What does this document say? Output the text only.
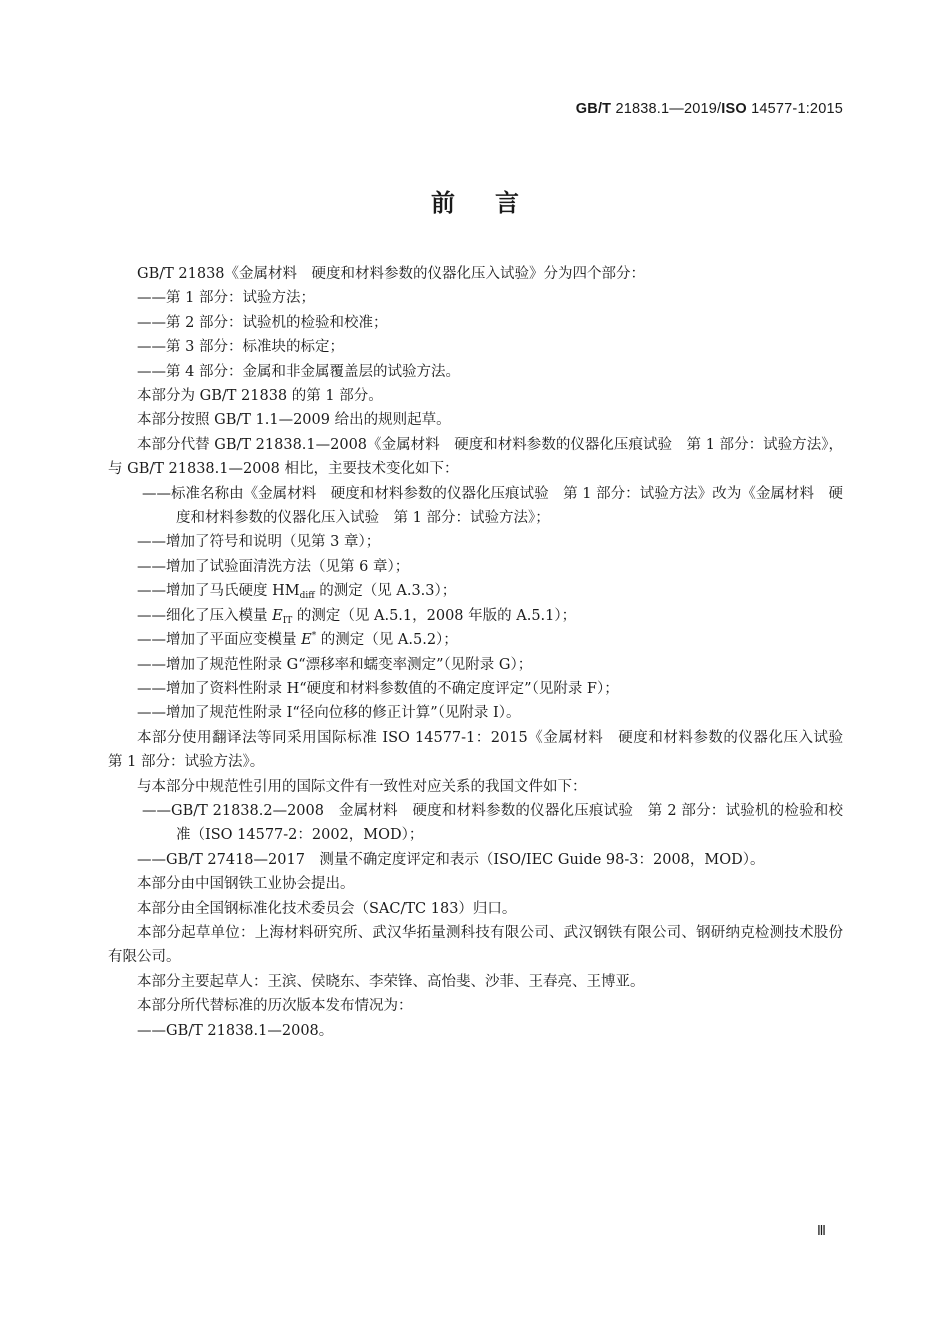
GB/T 21838.1—2019/ISO 14577-1:2015
前言

GB/T 21838《金属材料　硬度和材料参数的仪器化压入试验》分为四个部分：

——第 1 部分：试验方法；

——第 2 部分：试验机的检验和校准；

——第 3 部分：标准块的标定；

——第 4 部分：金属和非金属覆盖层的试验方法。

本部分为 GB/T 21838 的第 1 部分。

本部分按照 GB/T 1.1—2009 给出的规则起草。

本部分代替 GB/T 21838.1—2008《金属材料　硬度和材料参数的仪器化压痕试验　第 1 部分：试验方法》，与 GB/T 21838.1—2008 相比，主要技术变化如下：

——标准名称由《金属材料　硬度和材料参数的仪器化压痕试验　第 1 部分：试验方法》改为《金属材料　硬度和材料参数的仪器化压入试验　第 1 部分：试验方法》；

——增加了符号和说明（见第 3 章）；

——增加了试验面清洗方法（见第 6 章）；

——增加了马氏硬度 $HM_{diff}$ 的测定（见 A.3.3）；

——细化了压入模量 $E_{IT}$ 的测定（见 A.5.1，2008 年版的 A.5.1）；

——增加了平面应变模量 E* 的测定（见 A.5.2）；

——增加了规范性附录 G“漂移率和蠕变率测定”（见附录 G）；

——增加了资料性附录 H“硬度和材料参数值的不确定度评定”（见附录 F）；

——增加了规范性附录 I“径向位移的修正计算”（见附录 I）。

本部分使用翻译法等同采用国际标准 ISO 14577-1：2015《金属材料　硬度和材料参数的仪器化压入试验　第 1 部分：试验方法》。

与本部分中规范性引用的国际文件有一致性对应关系的我国文件如下：

——GB/T 21838.2—2008　金属材料　硬度和材料参数的仪器化压痕试验　第 2 部分：试验机的检验和校准（ISO 14577-2：2002，MOD）；

——GB/T 27418—2017　测量不确定度评定和表示（ISO/IEC Guide 98-3：2008，MOD）。

本部分由中国钢铁工业协会提出。

本部分由全国钢标准化技术委员会（SAC/TC 183）归口。

本部分起草单位：上海材料研究所、武汉华拓量测科技有限公司、武汉钢铁有限公司、钢研纳克检测技术股份有限公司。

本部分主要起草人：王滨、侯晓东、李荣锋、高怡斐、沙菲、王春亮、王博亚。

本部分所代替标准的历次版本发布情况为：

——GB/T 21838.1—2008。

Ⅲ
